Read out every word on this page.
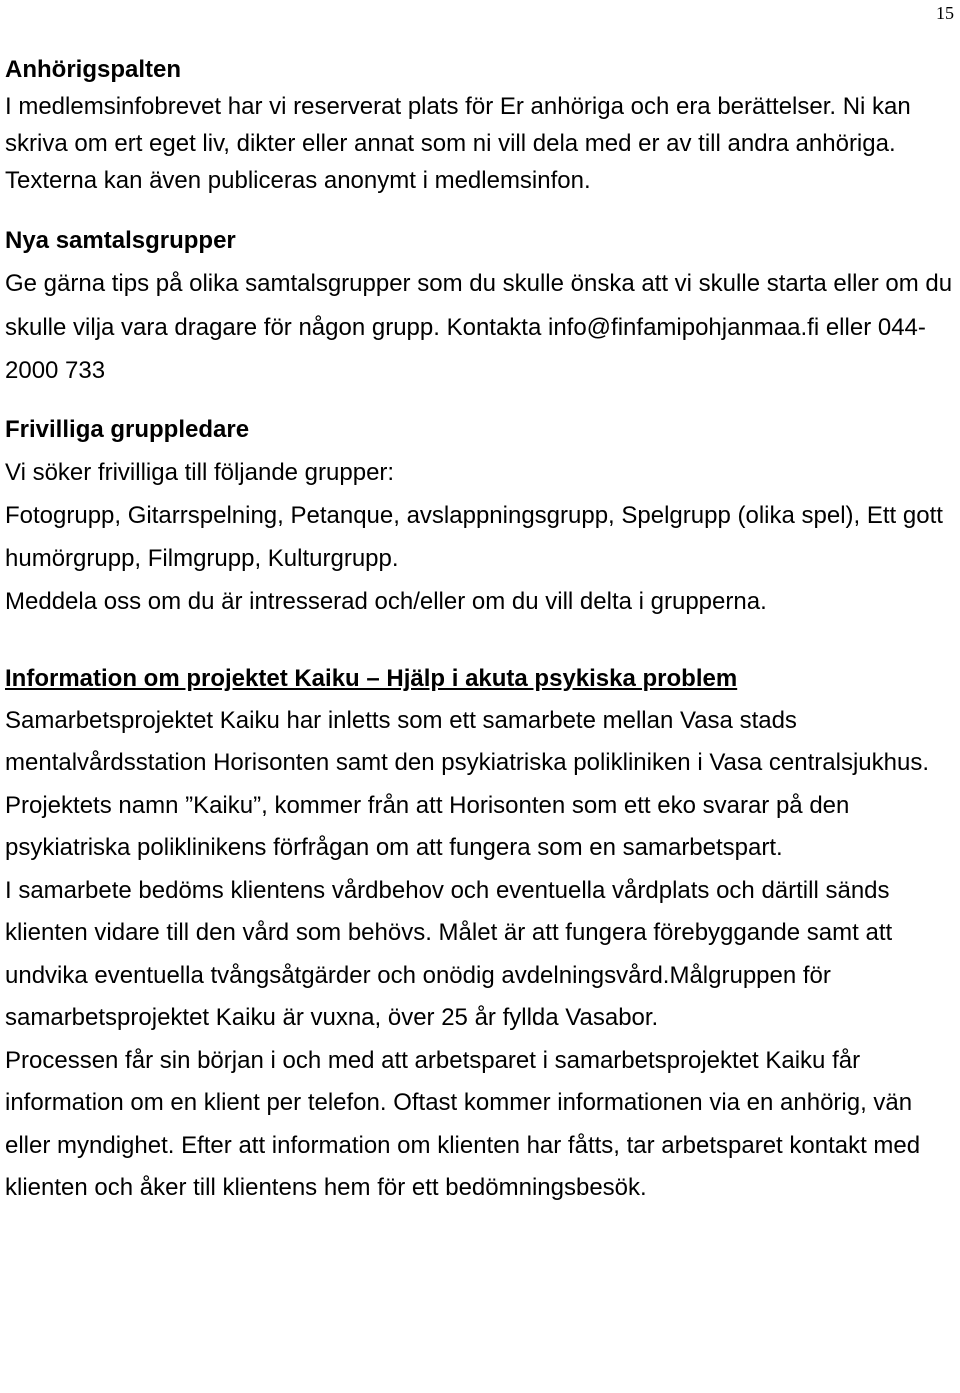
15

Anhörigspalten

I medlemsinfobrevet har vi reserverat plats för Er anhöriga och era berättelser. Ni kan skriva om ert eget liv, dikter eller annat som ni vill dela med er av till andra anhöriga. Texterna kan även publiceras anonymt i medlemsinfon.

Nya samtalsgrupper

Ge gärna tips på olika samtalsgrupper som du skulle önska att vi skulle starta eller om du skulle vilja vara dragare för någon grupp. Kontakta info@finfamipohjanmaa.fi eller 044-2000 733

Frivilliga gruppledare

Vi söker frivilliga till följande grupper:

Fotogrupp, Gitarrspelning, Petanque, avslappningsgrupp, Spelgrupp (olika spel), Ett gott humörgrupp, Filmgrupp, Kulturgrupp.

Meddela oss om du är intresserad och/eller om du vill delta i grupperna.

Information om projektet Kaiku – Hjälp i akuta psykiska problem

Samarbetsprojektet Kaiku har inletts som ett samarbete mellan Vasa stads mentalvårdsstation Horisonten samt den psykiatriska polikliniken i Vasa centralsjukhus. Projektets namn ”Kaiku”, kommer från att Horisonten som ett eko svarar på den psykiatriska poliklinikens förfrågan om att fungera som en samarbetspart.

I samarbete bedöms klientens vårdbehov och eventuella vårdplats och därtill sänds klienten vidare till den vård som behövs. Målet är att fungera förebyggande samt att undvika eventuella tvångsåtgärder och onödig avdelningsvård.Målgruppen för samarbetsprojektet Kaiku är vuxna, över 25 år fyllda Vasabor.

Processen får sin början i och med att arbetsparet i samarbetsprojektet Kaiku får information om en klient per telefon. Oftast kommer informationen via en anhörig, vän eller myndighet. Efter att information om klienten har fåtts, tar arbetsparet kontakt med klienten och åker till klientens hem för ett bedömningsbesök.
